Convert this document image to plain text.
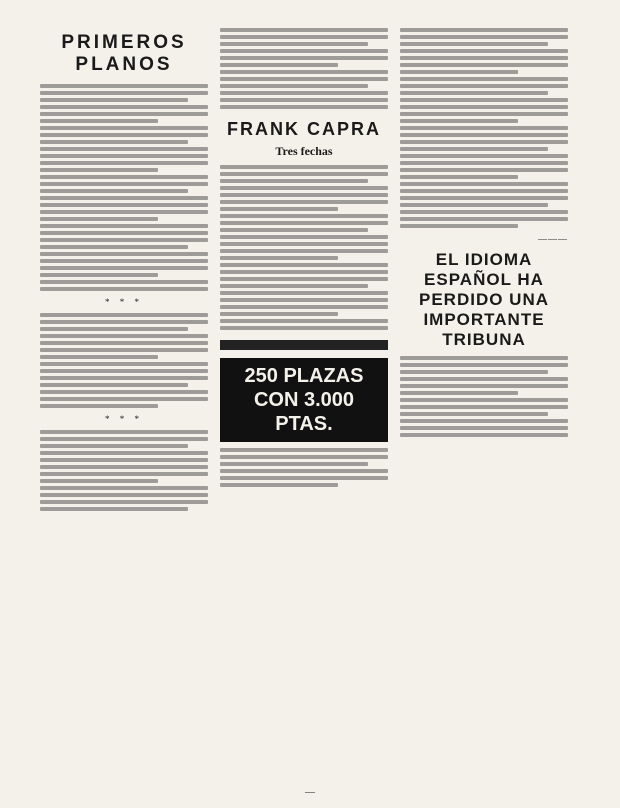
PRIMEROS PLANOS
* * *
* * *
FRANK CAPRA
Tres fechas
250 PLAZAS
CON 3.000 PTAS.
———
EL IDIOMA ESPAÑOL HA PERDIDO UNA IMPORTANTE TRIBUNA
—
